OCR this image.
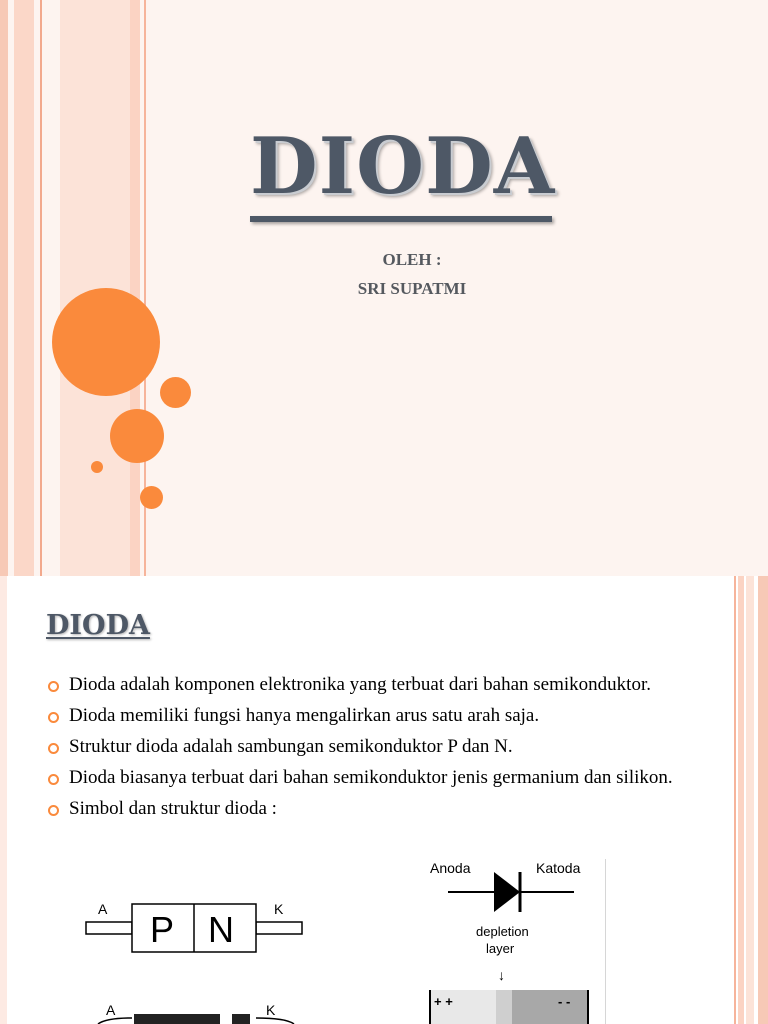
DIODA

OLEH :

SRI SUPATMI

DIODA
Dioda adalah komponen elektronika yang terbuat dari bahan semikonduktor.
Dioda memiliki fungsi hanya mengalirkan arus satu arah saja.
Struktur dioda adalah sambungan semikonduktor P dan N.
Dioda biasanya terbuat dari bahan semikonduktor jenis germanium dan silikon.
Simbol dan struktur dioda :
A	K
P N
A	K
Anoda	Katoda
depletion
layer
↓
+ +	- -
